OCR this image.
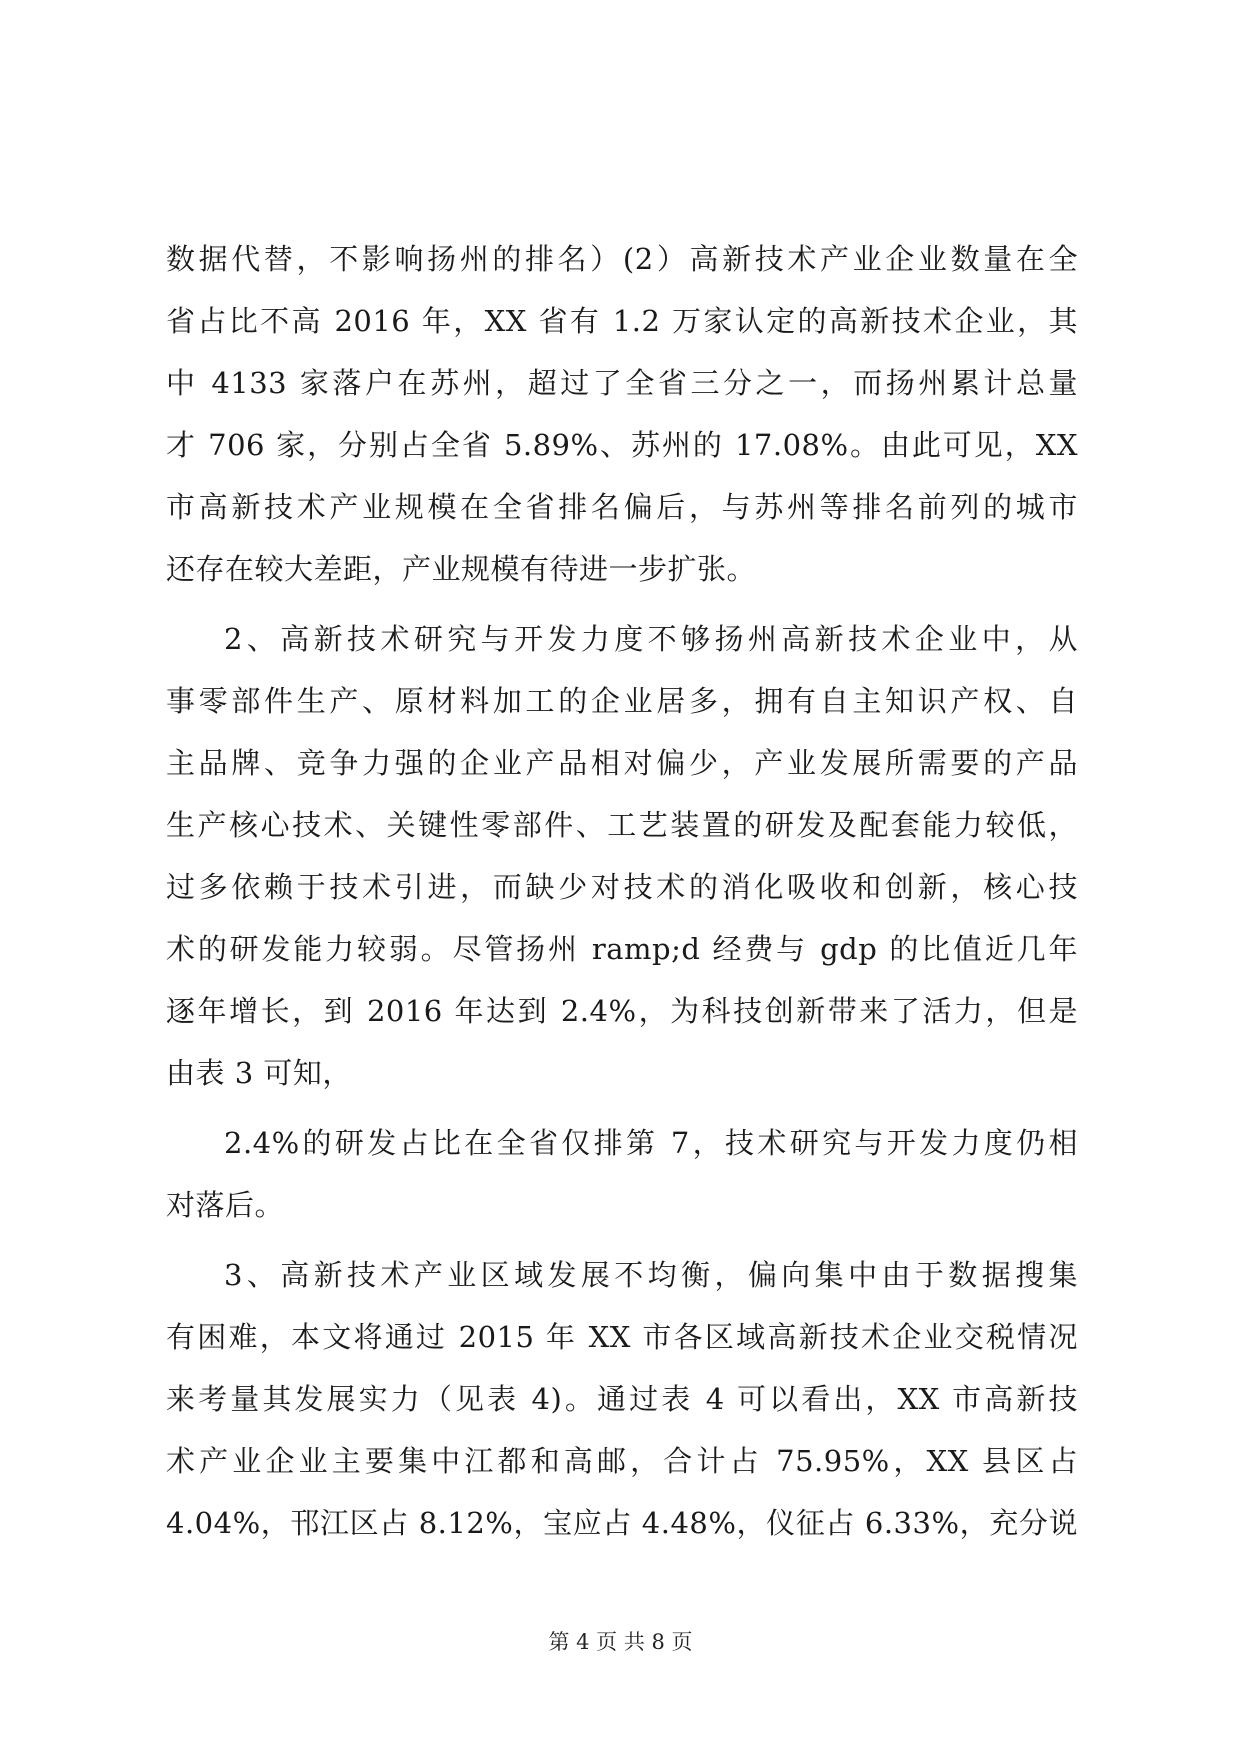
数据代替，不影响扬州的排名）(2）高新技术产业企业数量在全
省占比不高 2016 年，XX 省有 1.2 万家认定的高新技术企业，其
中 4133 家落户在苏州，超过了全省三分之一，而扬州累计总量
才 706 家，分别占全省 5.89%、苏州的 17.08%。由此可见，XX
市高新技术产业规模在全省排名偏后，与苏州等排名前列的城市
还存在较大差距，产业规模有待进一步扩张。
2、高新技术研究与开发力度不够扬州高新技术企业中，从
事零部件生产、原材料加工的企业居多，拥有自主知识产权、自
主品牌、竞争力强的企业产品相对偏少，产业发展所需要的产品
生产核心技术、关键性零部件、工艺装置的研发及配套能力较低，
过多依赖于技术引进，而缺少对技术的消化吸收和创新，核心技
术的研发能力较弱。尽管扬州 ramp;d 经费与 gdp 的比值近几年
逐年增长，到 2016 年达到 2.4%，为科技创新带来了活力，但是
由表 3 可知，
2.4%的研发占比在全省仅排第 7，技术研究与开发力度仍相
对落后。
3、高新技术产业区域发展不均衡，偏向集中由于数据搜集
有困难，本文将通过 2015 年 XX 市各区域高新技术企业交税情况
来考量其发展实力（见表 4)。通过表 4 可以看出，XX 市高新技
术产业企业主要集中江都和高邮，合计占 75.95%，XX 县区占
4.04%，邗江区占 8.12%，宝应占 4.48%，仪征占 6.33%，充分说
第 4 页 共 8 页
